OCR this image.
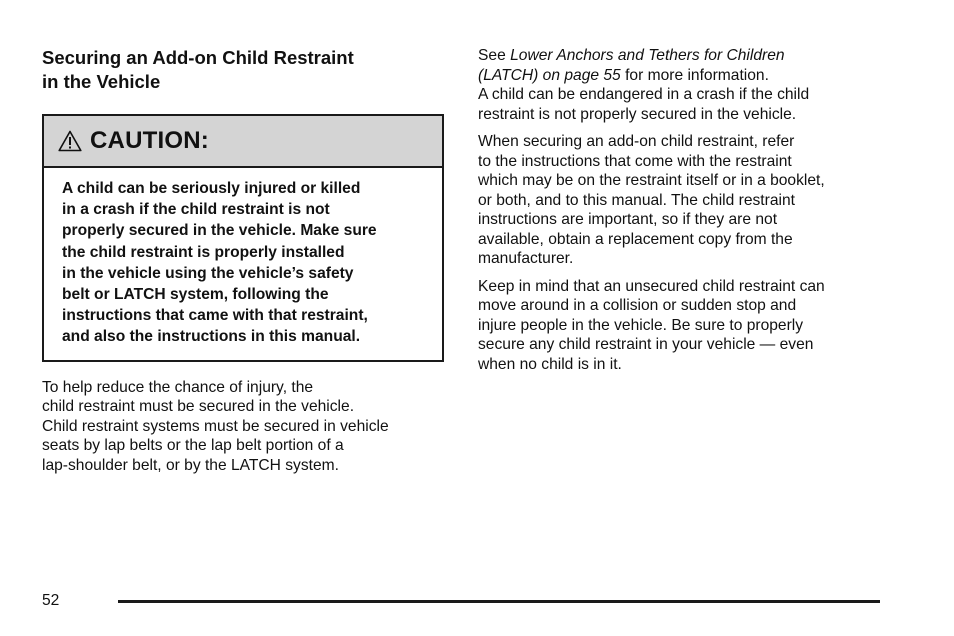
Securing an Add-on Child Restraint
in the Vehicle
CAUTION:
A child can be seriously injured or killed
in a crash if the child restraint is not
properly secured in the vehicle. Make sure
the child restraint is properly installed
in the vehicle using the vehicle’s safety
belt or LATCH system, following the
instructions that came with that restraint,
and also the instructions in this manual.

To help reduce the chance of injury, the
child restraint must be secured in the vehicle.
Child restraint systems must be secured in vehicle
seats by lap belts or the lap belt portion of a
lap-shoulder belt, or by the LATCH system.

See Lower Anchors and Tethers for Children
(LATCH) on page 55 for more information.
A child can be endangered in a crash if the child
restraint is not properly secured in the vehicle.

When securing an add-on child restraint, refer
to the instructions that come with the restraint
which may be on the restraint itself or in a booklet,
or both, and to this manual. The child restraint
instructions are important, so if they are not
available, obtain a replacement copy from the
manufacturer.

Keep in mind that an unsecured child restraint can
move around in a collision or sudden stop and
injure people in the vehicle. Be sure to properly
secure any child restraint in your vehicle — even
when no child is in it.

52
